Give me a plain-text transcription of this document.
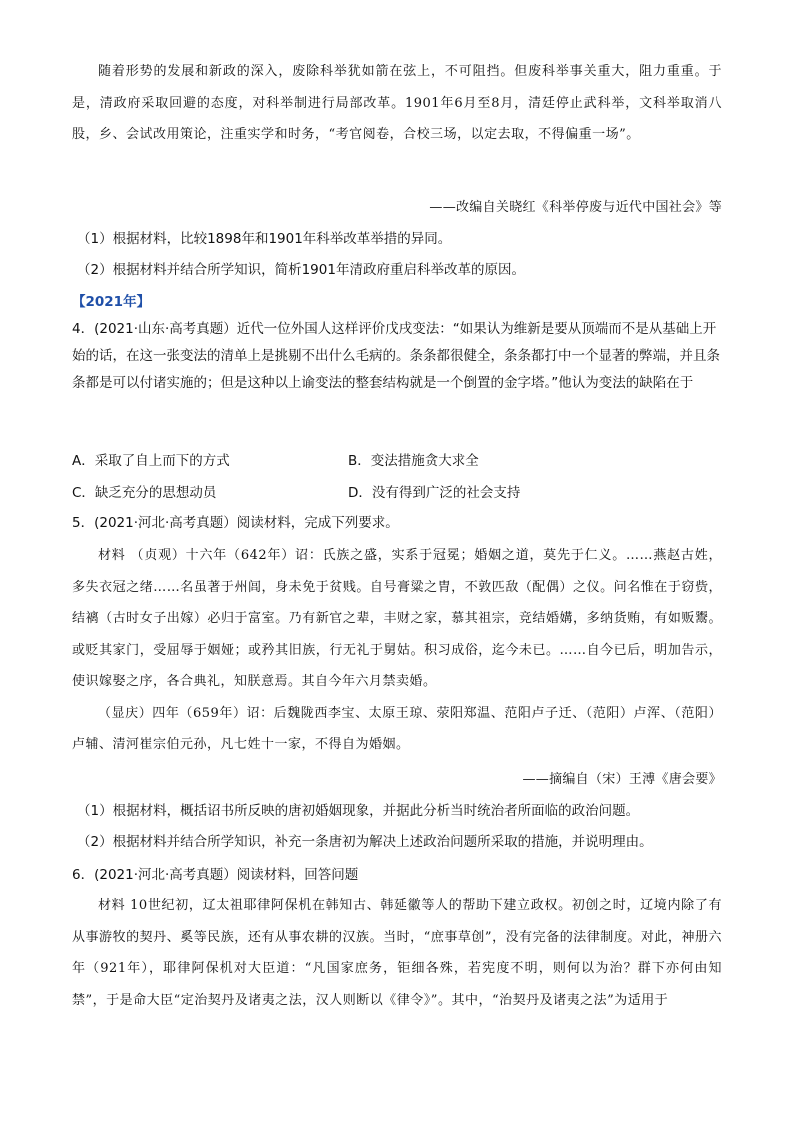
随着形势的发展和新政的深入，废除科举犹如箭在弦上，不可阻挡。但废科举事关重大，阻力重重。于是，清政府采取回避的态度，对科举制进行局部改革。1901年6月至8月，清廷停止武科举，文科举取消八股，乡、会试改用策论，注重实学和时务，“考官阅卷，合校三场，以定去取，不得偏重一场”。

——改编自关晓红《科举停废与近代中国社会》等

（1）根据材料，比较1898年和1901年科举改革举措的异同。

（2）根据材料并结合所学知识，简析1901年清政府重启科举改革的原因。

【2021年】

4．(2021·山东·高考真题）近代一位外国人这样评价戊戌变法：“如果认为维新是要从顶端而不是从基础上开始的话，在这一张变法的清单上是挑剔不出什么毛病的。条条都很健全，条条都打中一个显著的弊端，并且条条都是可以付诸实施的；但是这种以上谕变法的整套结构就是一个倒置的金字塔。”他认为变法的缺陷在于

A．采取了自上而下的方式	B．变法措施贪大求全
C．缺乏充分的思想动员	D．没有得到广泛的社会支持

5．(2021·河北·高考真题）阅读材料，完成下列要求。

材料 （贞观）十六年（642年）诏：氏族之盛，实系于冠冕；婚姻之道，莫先于仁义。……燕赵古姓，多失衣冠之绪……名虽著于州闾，身未免于贫贱。自号膏粱之胄，不敦匹敌（配偶）之仪。问名惟在于窃赀，结褵（古时女子出嫁）必归于富室。乃有新官之辈，丰财之家，慕其祖宗，竞结婚媾，多纳货贿，有如贩鬻。或贬其家门，受屈辱于姻娅；或矜其旧族，行无礼于舅姑。积习成俗，迄今未已。……自今已后，明加告示，使识嫁娶之序，各合典礼，知朕意焉。其自今年六月禁卖婚。

（显庆）四年（659年）诏：后魏陇西李宝、太原王琼、荥阳郑温、范阳卢子迁、（范阳）卢浑、（范阳）卢辅、清河崔宗伯元孙，凡七姓十一家，不得自为婚姻。

——摘编自（宋）王溥《唐会要》

（1）根据材料，概括诏书所反映的唐初婚姻现象，并据此分析当时统治者所面临的政治问题。

（2）根据材料并结合所学知识，补充一条唐初为解决上述政治问题所采取的措施，并说明理由。

6．(2021·河北·高考真题）阅读材料，回答问题

材料 10世纪初，辽太祖耶律阿保机在韩知古、韩延徽等人的帮助下建立政权。初创之时，辽境内除了有从事游牧的契丹、奚等民族，还有从事农耕的汉族。当时，“庶事草创”，没有完备的法律制度。对此，神册六年（921年），耶律阿保机对大臣道：“凡国家庶务，钜细各殊，若宪度不明，则何以为治？群下亦何由知禁”，于是命大臣“定治契丹及诸夷之法，汉人则断以《律令》”。其中，“治契丹及诸夷之法”为适用于
